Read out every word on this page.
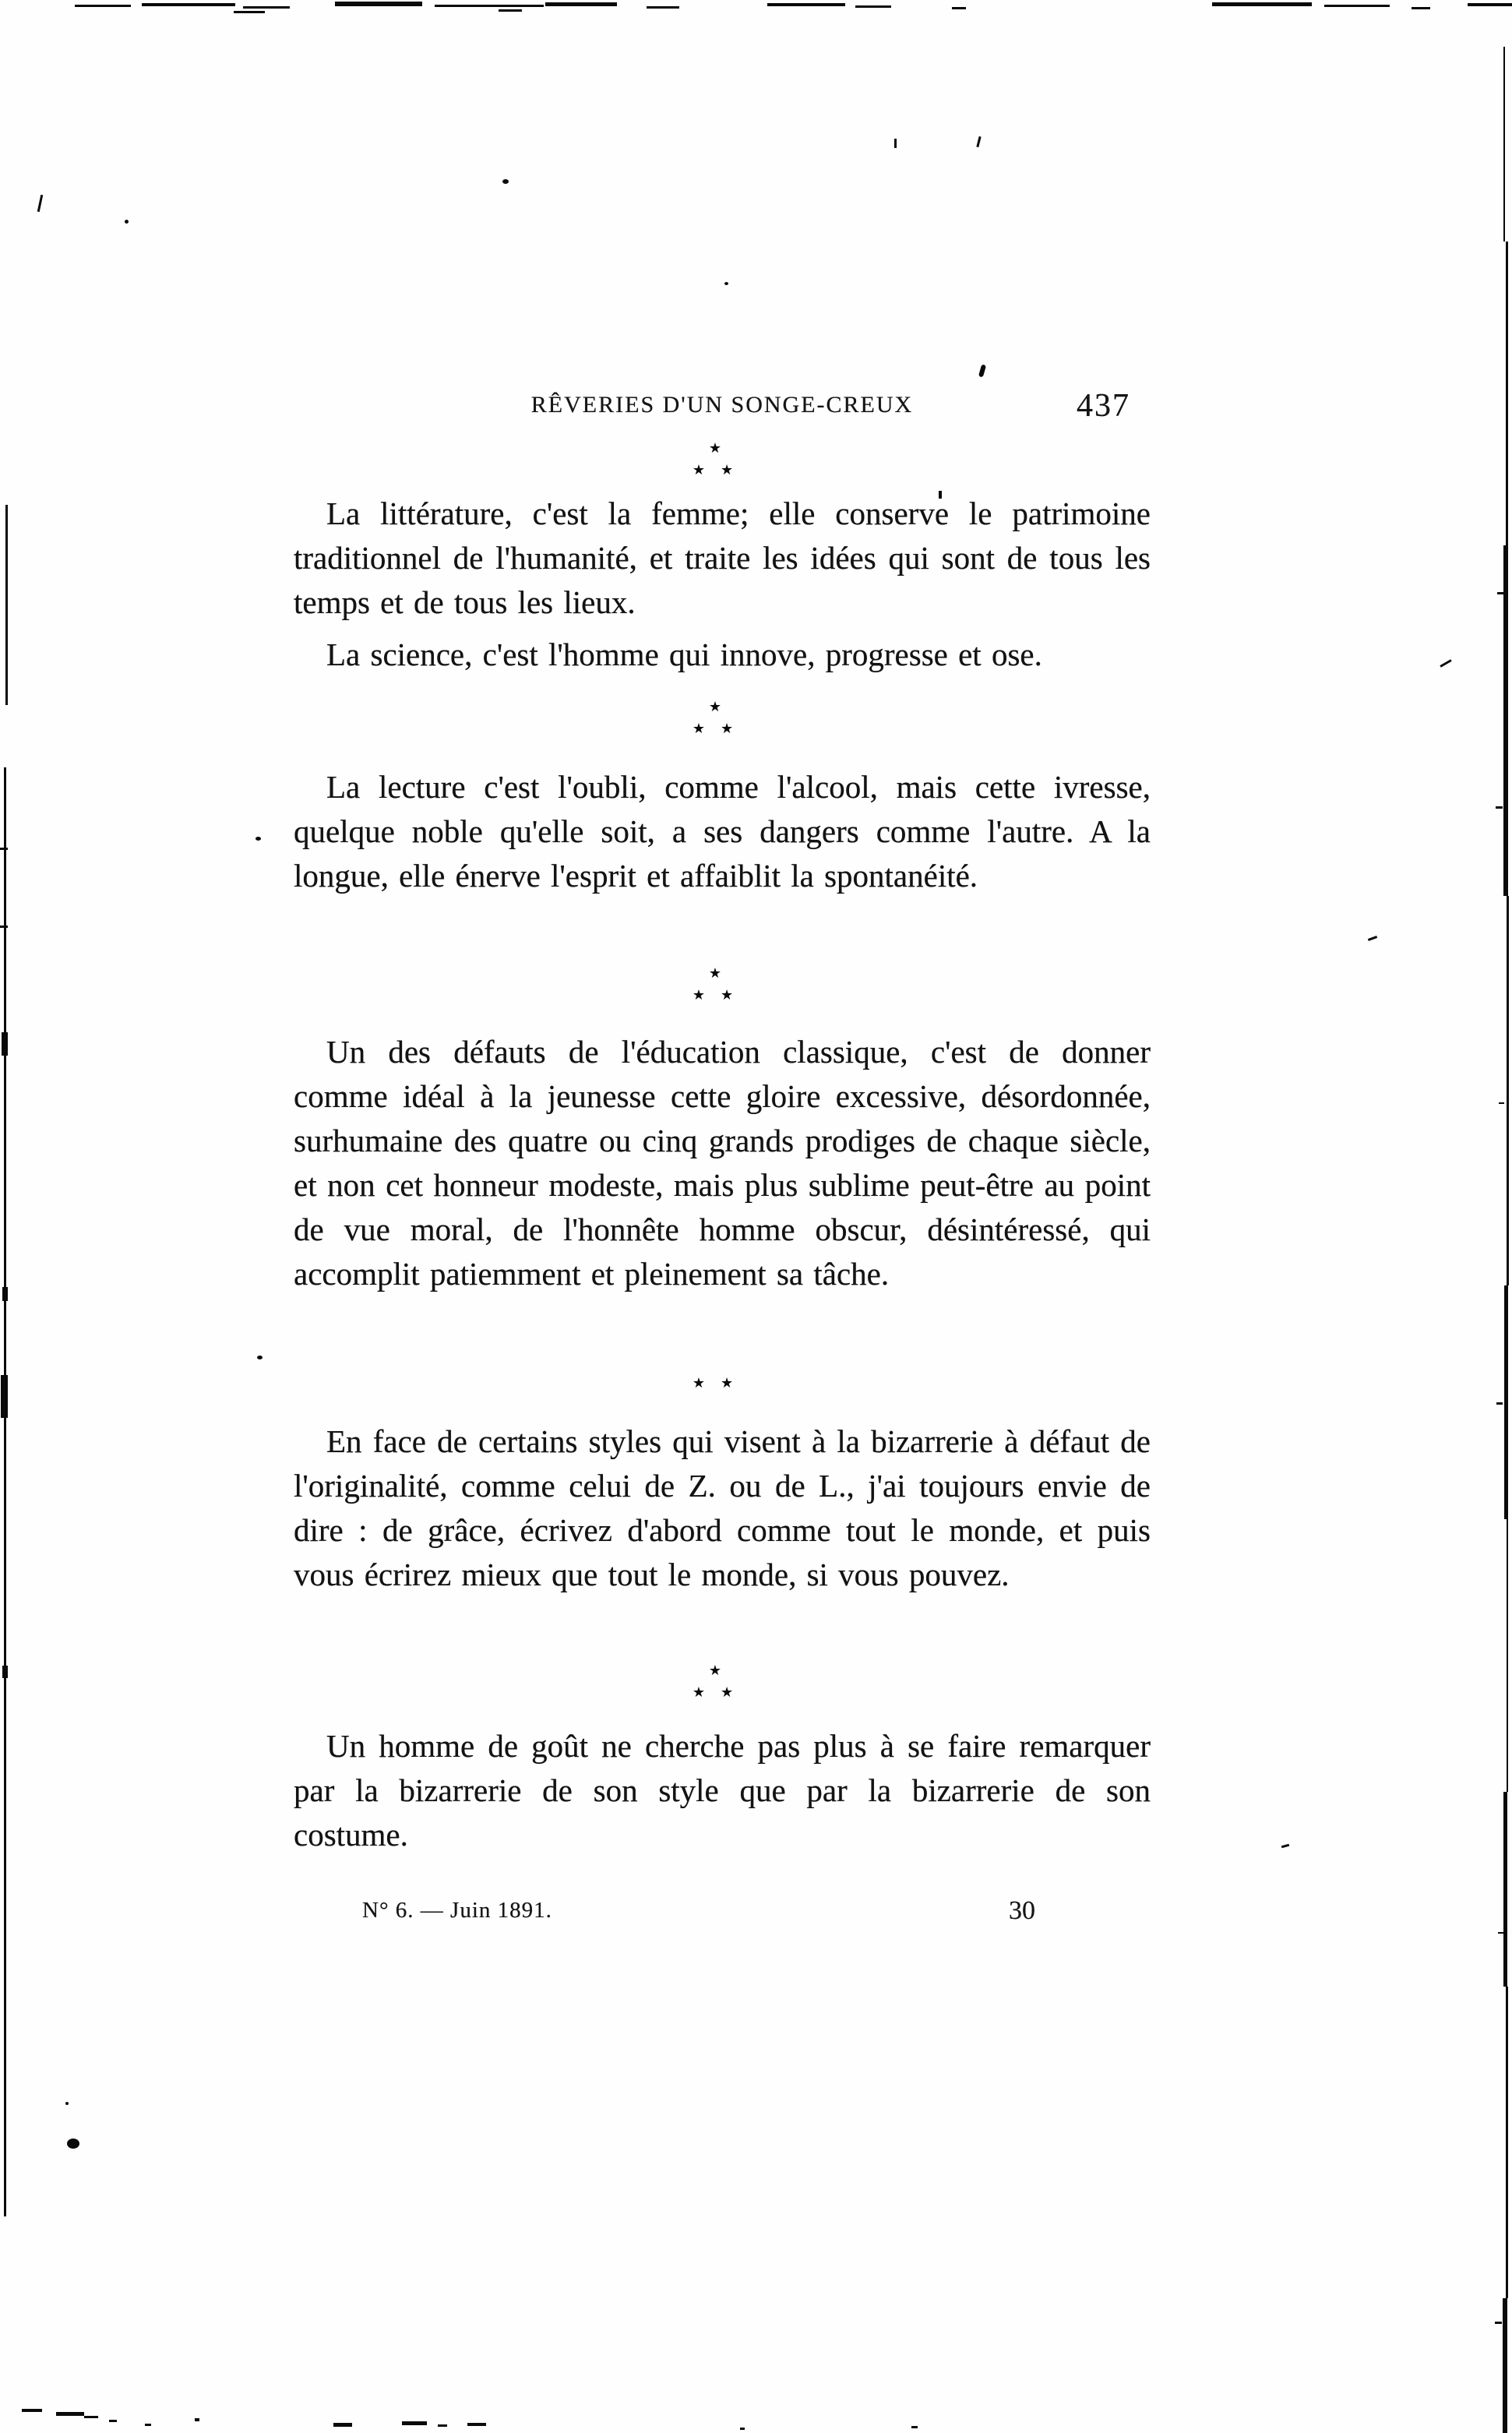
RÊVERIES D'UN SONGE-CREUX	437
★
★★

La littérature, c'est la femme; elle conserve le patrimoine traditionnel de l'humanité, et traite les idées qui sont de tous les temps et de tous les lieux.

La science, c'est l'homme qui innove, progresse et ose.

★
★★

La lecture c'est l'oubli, comme l'alcool, mais cette ivresse, quelque noble qu'elle soit, a ses dangers comme l'autre. A la longue, elle énerve l'esprit et affaiblit la spontanéité.

★
★★

Un des défauts de l'éducation classique, c'est de donner comme idéal à la jeunesse cette gloire excessive, désordonnée, surhumaine des quatre ou cinq grands prodiges de chaque siècle, et non cet honneur modeste, mais plus sublime peut-être au point de vue moral, de l'honnête homme obscur, désintéressé, qui accomplit patiemment et pleinement sa tâche.

★★

En face de certains styles qui visent à la bizarrerie à défaut de l'originalité, comme celui de Z. ou de L., j'ai toujours envie de dire : de grâce, écrivez d'abord comme tout le monde, et puis vous écrirez mieux que tout le monde, si vous pouvez.

★
★★

Un homme de goût ne cherche pas plus à se faire remarquer par la bizarrerie de son style que par la bizarrerie de son costume.

N° 6. — Juin 1891.	30
